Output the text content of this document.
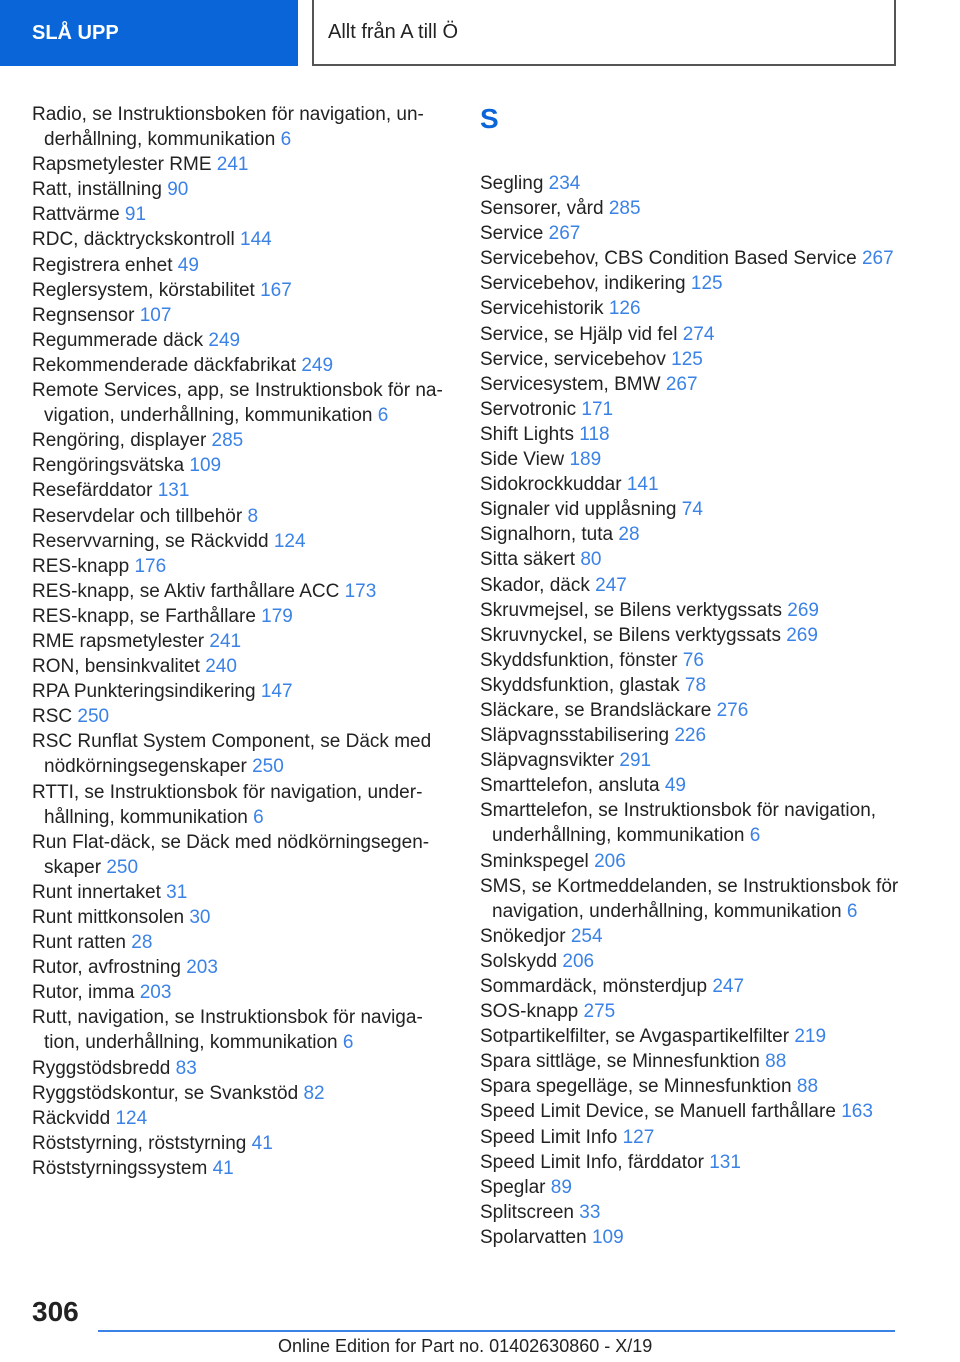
SLÅ UPP	Allt från A till Ö
Radio, se Instruktionsboken för navigation, underhållning, kommunikation 6
Rapsmetylester RME 241
Ratt, inställning 90
Rattvärme 91
RDC, däcktryckskontroll 144
Registrera enhet 49
Reglersystem, körstabilitet 167
Regnsensor 107
Regummerade däck 249
Rekommenderade däckfabrikat 249
Remote Services, app, se Instruktionsbok för navigation, underhållning, kommunikation 6
Rengöring, displayer 285
Rengöringsvätska 109
Resefärddator 131
Reservdelar och tillbehör 8
Reservvarning, se Räckvidd 124
RES-knapp 176
RES-knapp, se Aktiv farthållare ACC 173
RES-knapp, se Farthållare 179
RME rapsmetylester 241
RON, bensinkvalitet 240
RPA Punkteringsindikering 147
RSC 250
RSC Runflat System Component, se Däck med nödkörningsegenskaper 250
RTTI, se Instruktionsbok för navigation, underhållning, kommunikation 6
Run Flat-däck, se Däck med nödkörningsegenskaper 250
Runt innertaket 31
Runt mittkonsolen 30
Runt ratten 28
Rutor, avfrostning 203
Rutor, imma 203
Rutt, navigation, se Instruktionsbok för navigation, underhållning, kommunikation 6
Ryggstödsbredd 83
Ryggstödskontur, se Svankstöd 82
Räckvidd 124
Röststyrning, röststyrning 41
Röststyrningssystem 41
S
Segling 234
Sensorer, vård 285
Service 267
Servicebehov, CBS Condition Based Service 267
Servicebehov, indikering 125
Servicehistorik 126
Service, se Hjälp vid fel 274
Service, servicebehov 125
Servicesystem, BMW 267
Servotronic 171
Shift Lights 118
Side View 189
Sidokrockkuddar 141
Signaler vid upplåsning 74
Signalhorn, tuta 28
Sitta säkert 80
Skador, däck 247
Skruvmejsel, se Bilens verktygssats 269
Skruvnyckel, se Bilens verktygssats 269
Skyddsfunktion, fönster 76
Skyddsfunktion, glastak 78
Släckare, se Brandsläckare 276
Släpvagnsstabilisering 226
Släpvagnsvikter 291
Smarttelefon, ansluta 49
Smarttelefon, se Instruktionsbok för navigation, underhållning, kommunikation 6
Sminkspegel 206
SMS, se Kortmeddelanden, se Instruktionsbok för navigation, underhållning, kommunikation 6
Snökedjor 254
Solskydd 206
Sommardäck, mönsterdjup 247
SOS-knapp 275
Sotpartikelfilter, se Avgaspartikelfilter 219
Spara sittläge, se Minnesfunktion 88
Spara spegelläge, se Minnesfunktion 88
Speed Limit Device, se Manuell farthållare 163
Speed Limit Info 127
Speed Limit Info, färddator 131
Speglar 89
Splitscreen 33
Spolarvatten 109
306
Online Edition for Part no. 01402630860 - X/19
